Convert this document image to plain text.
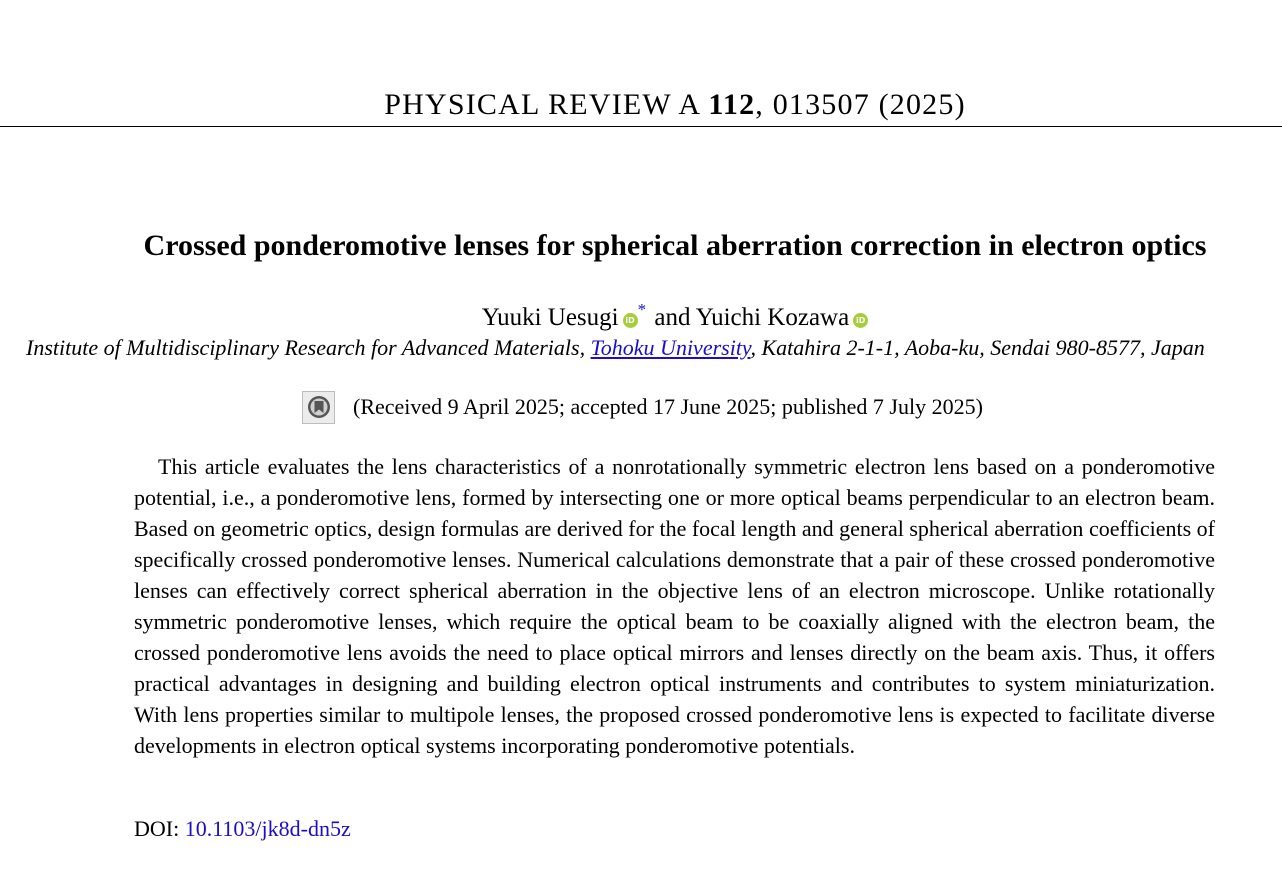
PHYSICAL REVIEW A 112, 013507 (2025)
Crossed ponderomotive lenses for spherical aberration correction in electron optics
Yuuki Uesugi iD* and Yuichi Kozawa iD
Institute of Multidisciplinary Research for Advanced Materials, Tohoku University, Katahira 2-1-1, Aoba-ku, Sendai 980-8577, Japan
(Received 9 April 2025; accepted 17 June 2025; published 7 July 2025)

This article evaluates the lens characteristics of a nonrotationally symmetric electron lens based on a ponderomotive potential, i.e., a ponderomotive lens, formed by intersecting one or more optical beams perpendicular to an electron beam. Based on geometric optics, design formulas are derived for the focal length and general spherical aberration coefficients of specifically crossed ponderomotive lenses. Numerical calculations demonstrate that a pair of these crossed ponderomotive lenses can effectively correct spherical aberration in the objective lens of an electron microscope. Unlike rotationally symmetric ponderomotive lenses, which require the optical beam to be coaxially aligned with the electron beam, the crossed ponderomotive lens avoids the need to place optical mirrors and lenses directly on the beam axis. Thus, it offers practical advantages in designing and building electron optical instruments and contributes to system miniaturization. With lens properties similar to multipole lenses, the proposed crossed ponderomotive lens is expected to facilitate diverse developments in electron optical systems incorporating ponderomotive potentials.

DOI: 10.1103/jk8d-dn5z
